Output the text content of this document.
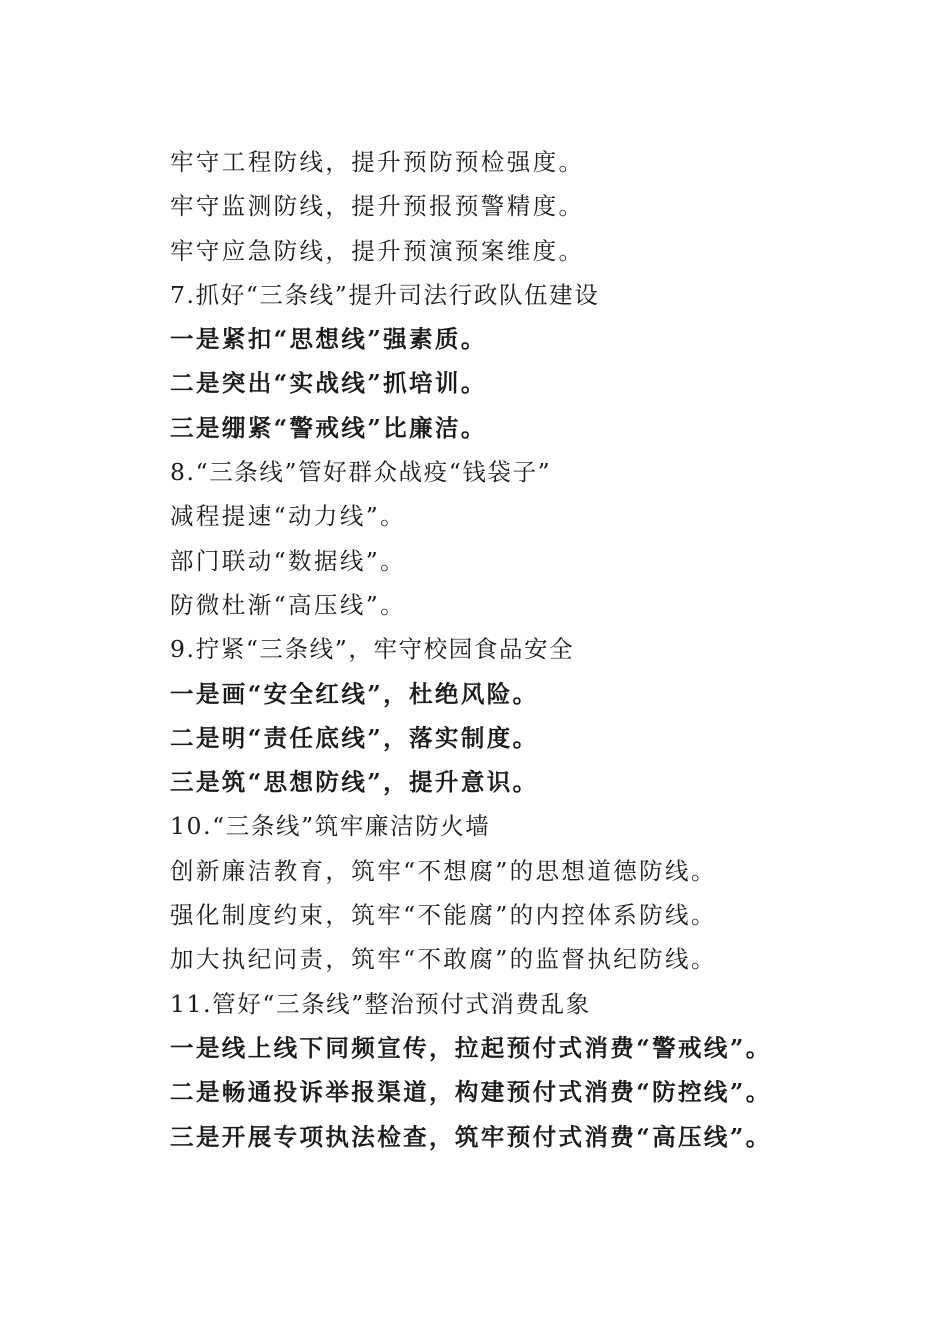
牢守工程防线，提升预防预检强度。
牢守监测防线，提升预报预警精度。
牢守应急防线，提升预演预案维度。
7.抓好“三条线”提升司法行政队伍建设
一是紧扣“思想线”强素质。
二是突出“实战线”抓培训。
三是绷紧“警戒线”比廉洁。
8.“三条线”管好群众战疫“钱袋子”
减程提速“动力线”。
部门联动“数据线”。
防微杜渐“高压线”。
9.拧紧“三条线”，牢守校园食品安全
一是画“安全红线”，杜绝风险。
二是明“责任底线”，落实制度。
三是筑“思想防线”，提升意识。
10.“三条线”筑牢廉洁防火墙
创新廉洁教育，筑牢“不想腐”的思想道德防线。
强化制度约束，筑牢“不能腐”的内控体系防线。
加大执纪问责，筑牢“不敢腐”的监督执纪防线。
11.管好“三条线”整治预付式消费乱象
一是线上线下同频宣传，拉起预付式消费“警戒线”。
二是畅通投诉举报渠道，构建预付式消费“防控线”。
三是开展专项执法检查，筑牢预付式消费“高压线”。
